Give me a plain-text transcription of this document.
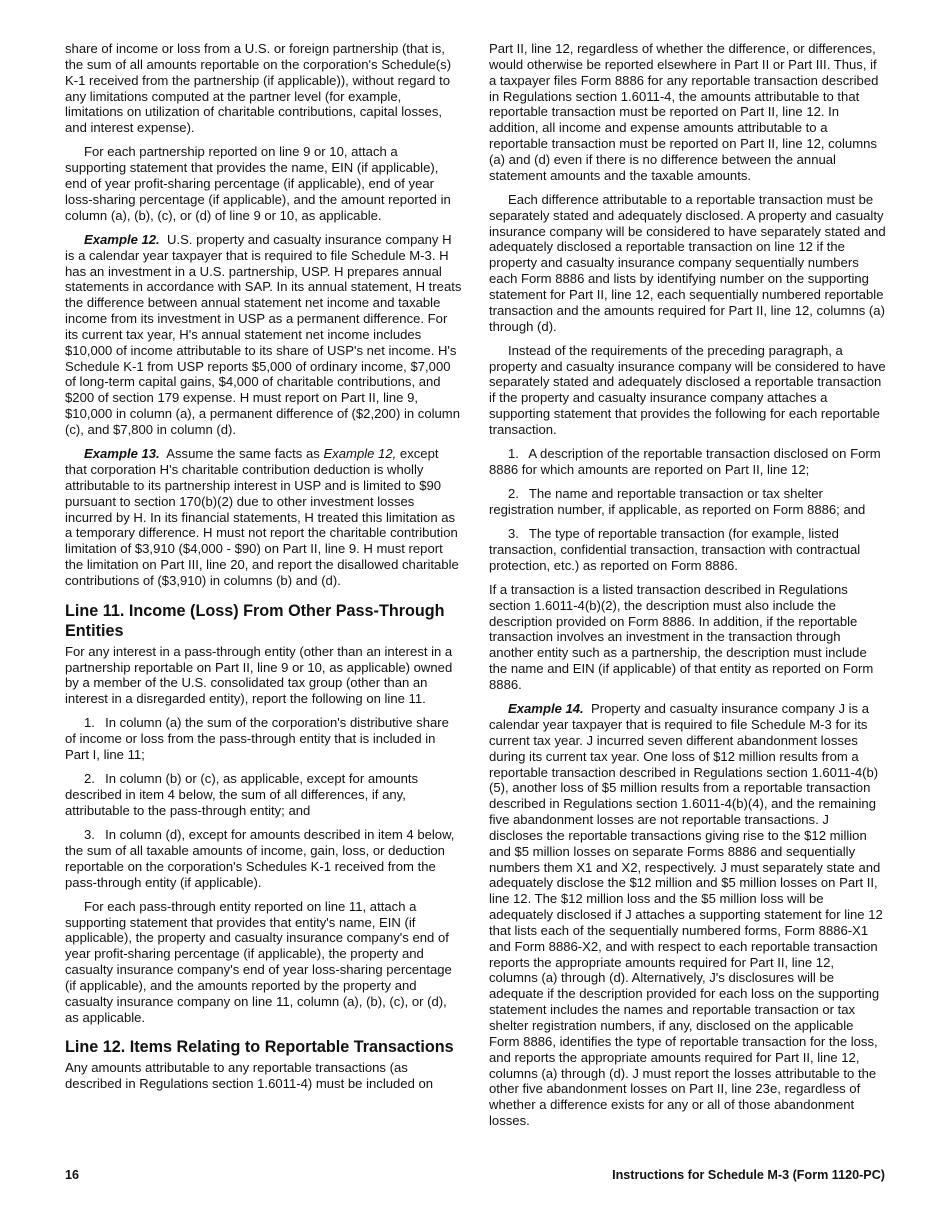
share of income or loss from a U.S. or foreign partnership (that is, the sum of all amounts reportable on the corporation's Schedule(s) K-1 received from the partnership (if applicable)), without regard to any limitations computed at the partner level (for example, limitations on utilization of charitable contributions, capital losses, and interest expense).

For each partnership reported on line 9 or 10, attach a supporting statement that provides the name, EIN (if applicable), end of year profit-sharing percentage (if applicable), end of year loss-sharing percentage (if applicable), and the amount reported in column (a), (b), (c), or (d) of line 9 or 10, as applicable.

Example 12. U.S. property and casualty insurance company H is a calendar year taxpayer that is required to file Schedule M-3. H has an investment in a U.S. partnership, USP. H prepares annual statements in accordance with SAP. In its annual statement, H treats the difference between annual statement net income and taxable income from its investment in USP as a permanent difference. For its current tax year, H's annual statement net income includes $10,000 of income attributable to its share of USP's net income. H's Schedule K-1 from USP reports $5,000 of ordinary income, $7,000 of long-term capital gains, $4,000 of charitable contributions, and $200 of section 179 expense. H must report on Part II, line 9, $10,000 in column (a), a permanent difference of ($2,200) in column (c), and $7,800 in column (d).

Example 13. Assume the same facts as Example 12, except that corporation H's charitable contribution deduction is wholly attributable to its partnership interest in USP and is limited to $90 pursuant to section 170(b)(2) due to other investment losses incurred by H. In its financial statements, H treated this limitation as a temporary difference. H must not report the charitable contribution limitation of $3,910 ($4,000 - $90) on Part II, line 9. H must report the limitation on Part III, line 20, and report the disallowed charitable contributions of ($3,910) in columns (b) and (d).

Line 11. Income (Loss) From Other Pass-Through Entities

For any interest in a pass-through entity (other than an interest in a partnership reportable on Part II, line 9 or 10, as applicable) owned by a member of the U.S. consolidated tax group (other than an interest in a disregarded entity), report the following on line 11.

1.  In column (a) the sum of the corporation's distributive share of income or loss from the pass-through entity that is included in Part I, line 11;

2.  In column (b) or (c), as applicable, except for amounts described in item 4 below, the sum of all differences, if any, attributable to the pass-through entity; and

3.  In column (d), except for amounts described in item 4 below, the sum of all taxable amounts of income, gain, loss, or deduction reportable on the corporation's Schedules K-1 received from the pass-through entity (if applicable).

For each pass-through entity reported on line 11, attach a supporting statement that provides that entity's name, EIN (if applicable), the property and casualty insurance company's end of year profit-sharing percentage (if applicable), the property and casualty insurance company's end of year loss-sharing percentage (if applicable), and the amounts reported by the property and casualty insurance company on line 11, column (a), (b), (c), or (d), as applicable.

Line 12. Items Relating to Reportable Transactions

Any amounts attributable to any reportable transactions (as described in Regulations section 1.6011-4) must be included on

Part II, line 12, regardless of whether the difference, or differences, would otherwise be reported elsewhere in Part II or Part III. Thus, if a taxpayer files Form 8886 for any reportable transaction described in Regulations section 1.6011-4, the amounts attributable to that reportable transaction must be reported on Part II, line 12. In addition, all income and expense amounts attributable to a reportable transaction must be reported on Part II, line 12, columns (a) and (d) even if there is no difference between the annual statement amounts and the taxable amounts.

Each difference attributable to a reportable transaction must be separately stated and adequately disclosed. A property and casualty insurance company will be considered to have separately stated and adequately disclosed a reportable transaction on line 12 if the property and casualty insurance company sequentially numbers each Form 8886 and lists by identifying number on the supporting statement for Part II, line 12, each sequentially numbered reportable transaction and the amounts required for Part II, line 12, columns (a) through (d).

Instead of the requirements of the preceding paragraph, a property and casualty insurance company will be considered to have separately stated and adequately disclosed a reportable transaction if the property and casualty insurance company attaches a supporting statement that provides the following for each reportable transaction.

1.  A description of the reportable transaction disclosed on Form 8886 for which amounts are reported on Part II, line 12;

2.  The name and reportable transaction or tax shelter registration number, if applicable, as reported on Form 8886; and

3.  The type of reportable transaction (for example, listed transaction, confidential transaction, transaction with contractual protection, etc.) as reported on Form 8886.

If a transaction is a listed transaction described in Regulations section 1.6011-4(b)(2), the description must also include the description provided on Form 8886. In addition, if the reportable transaction involves an investment in the transaction through another entity such as a partnership, the description must include the name and EIN (if applicable) of that entity as reported on Form 8886.

Example 14. Property and casualty insurance company J is a calendar year taxpayer that is required to file Schedule M-3 for its current tax year. J incurred seven different abandonment losses during its current tax year. One loss of $12 million results from a reportable transaction described in Regulations section 1.6011-4(b)(5), another loss of $5 million results from a reportable transaction described in Regulations section 1.6011-4(b)(4), and the remaining five abandonment losses are not reportable transactions. J discloses the reportable transactions giving rise to the $12 million and $5 million losses on separate Forms 8886 and sequentially numbers them X1 and X2, respectively. J must separately state and adequately disclose the $12 million and $5 million losses on Part II, line 12. The $12 million loss and the $5 million loss will be adequately disclosed if J attaches a supporting statement for line 12 that lists each of the sequentially numbered forms, Form 8886-X1 and Form 8886-X2, and with respect to each reportable transaction reports the appropriate amounts required for Part II, line 12, columns (a) through (d). Alternatively, J's disclosures will be adequate if the description provided for each loss on the supporting statement includes the names and reportable transaction or tax shelter registration numbers, if any, disclosed on the applicable Form 8886, identifies the type of reportable transaction for the loss, and reports the appropriate amounts required for Part II, line 12, columns (a) through (d). J must report the losses attributable to the other five abandonment losses on Part II, line 23e, regardless of whether a difference exists for any or all of those abandonment losses.

16	Instructions for Schedule M-3 (Form 1120-PC)
